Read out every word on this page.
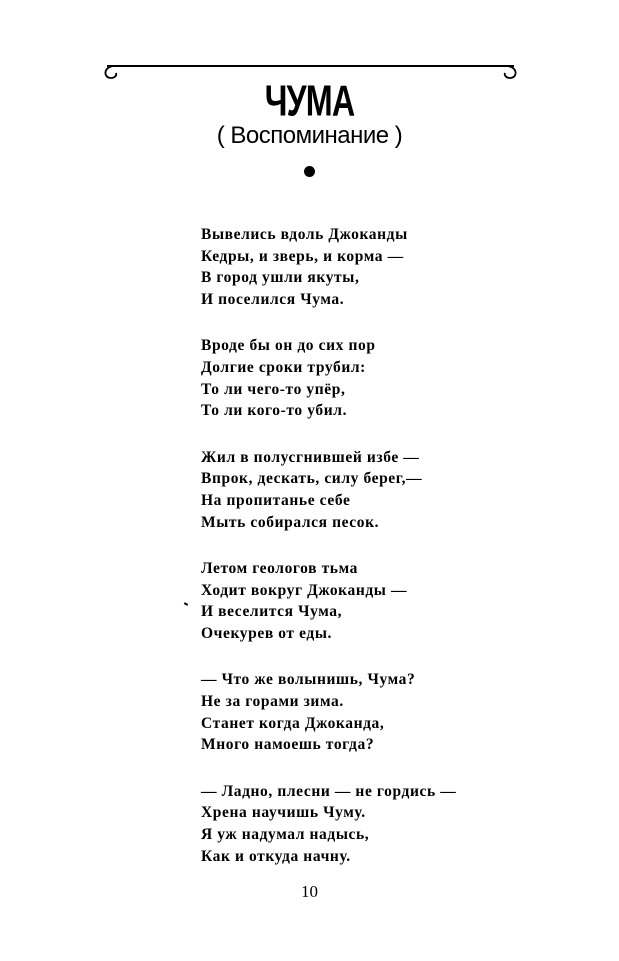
ЧУМА
( Воспоминание )
Вывелись вдоль Джоканды
Кедры, и зверь, и корма —
В город ушли якуты,
И поселился Чума.
Вроде бы он до сих пор
Долгие сроки трубил:
То ли чего-то упёр,
То ли кого-то убил.
Жил в полусгнившей избе —
Впрок, дескать, силу берег,—
На пропитанье себе
Мыть собирался песок.
Летом геологов тьма
Ходит вокруг Джоканды —
И веселится Чума,
Очекурев от еды.
— Что же волынишь, Чума?
Не за горами зима.
Станет когда Джоканда,
Много намоешь тогда?
— Ладно, плесни — не гордись —
Хрена научишь Чуму.
Я уж надумал надысь,
Как и откуда начну.
10
